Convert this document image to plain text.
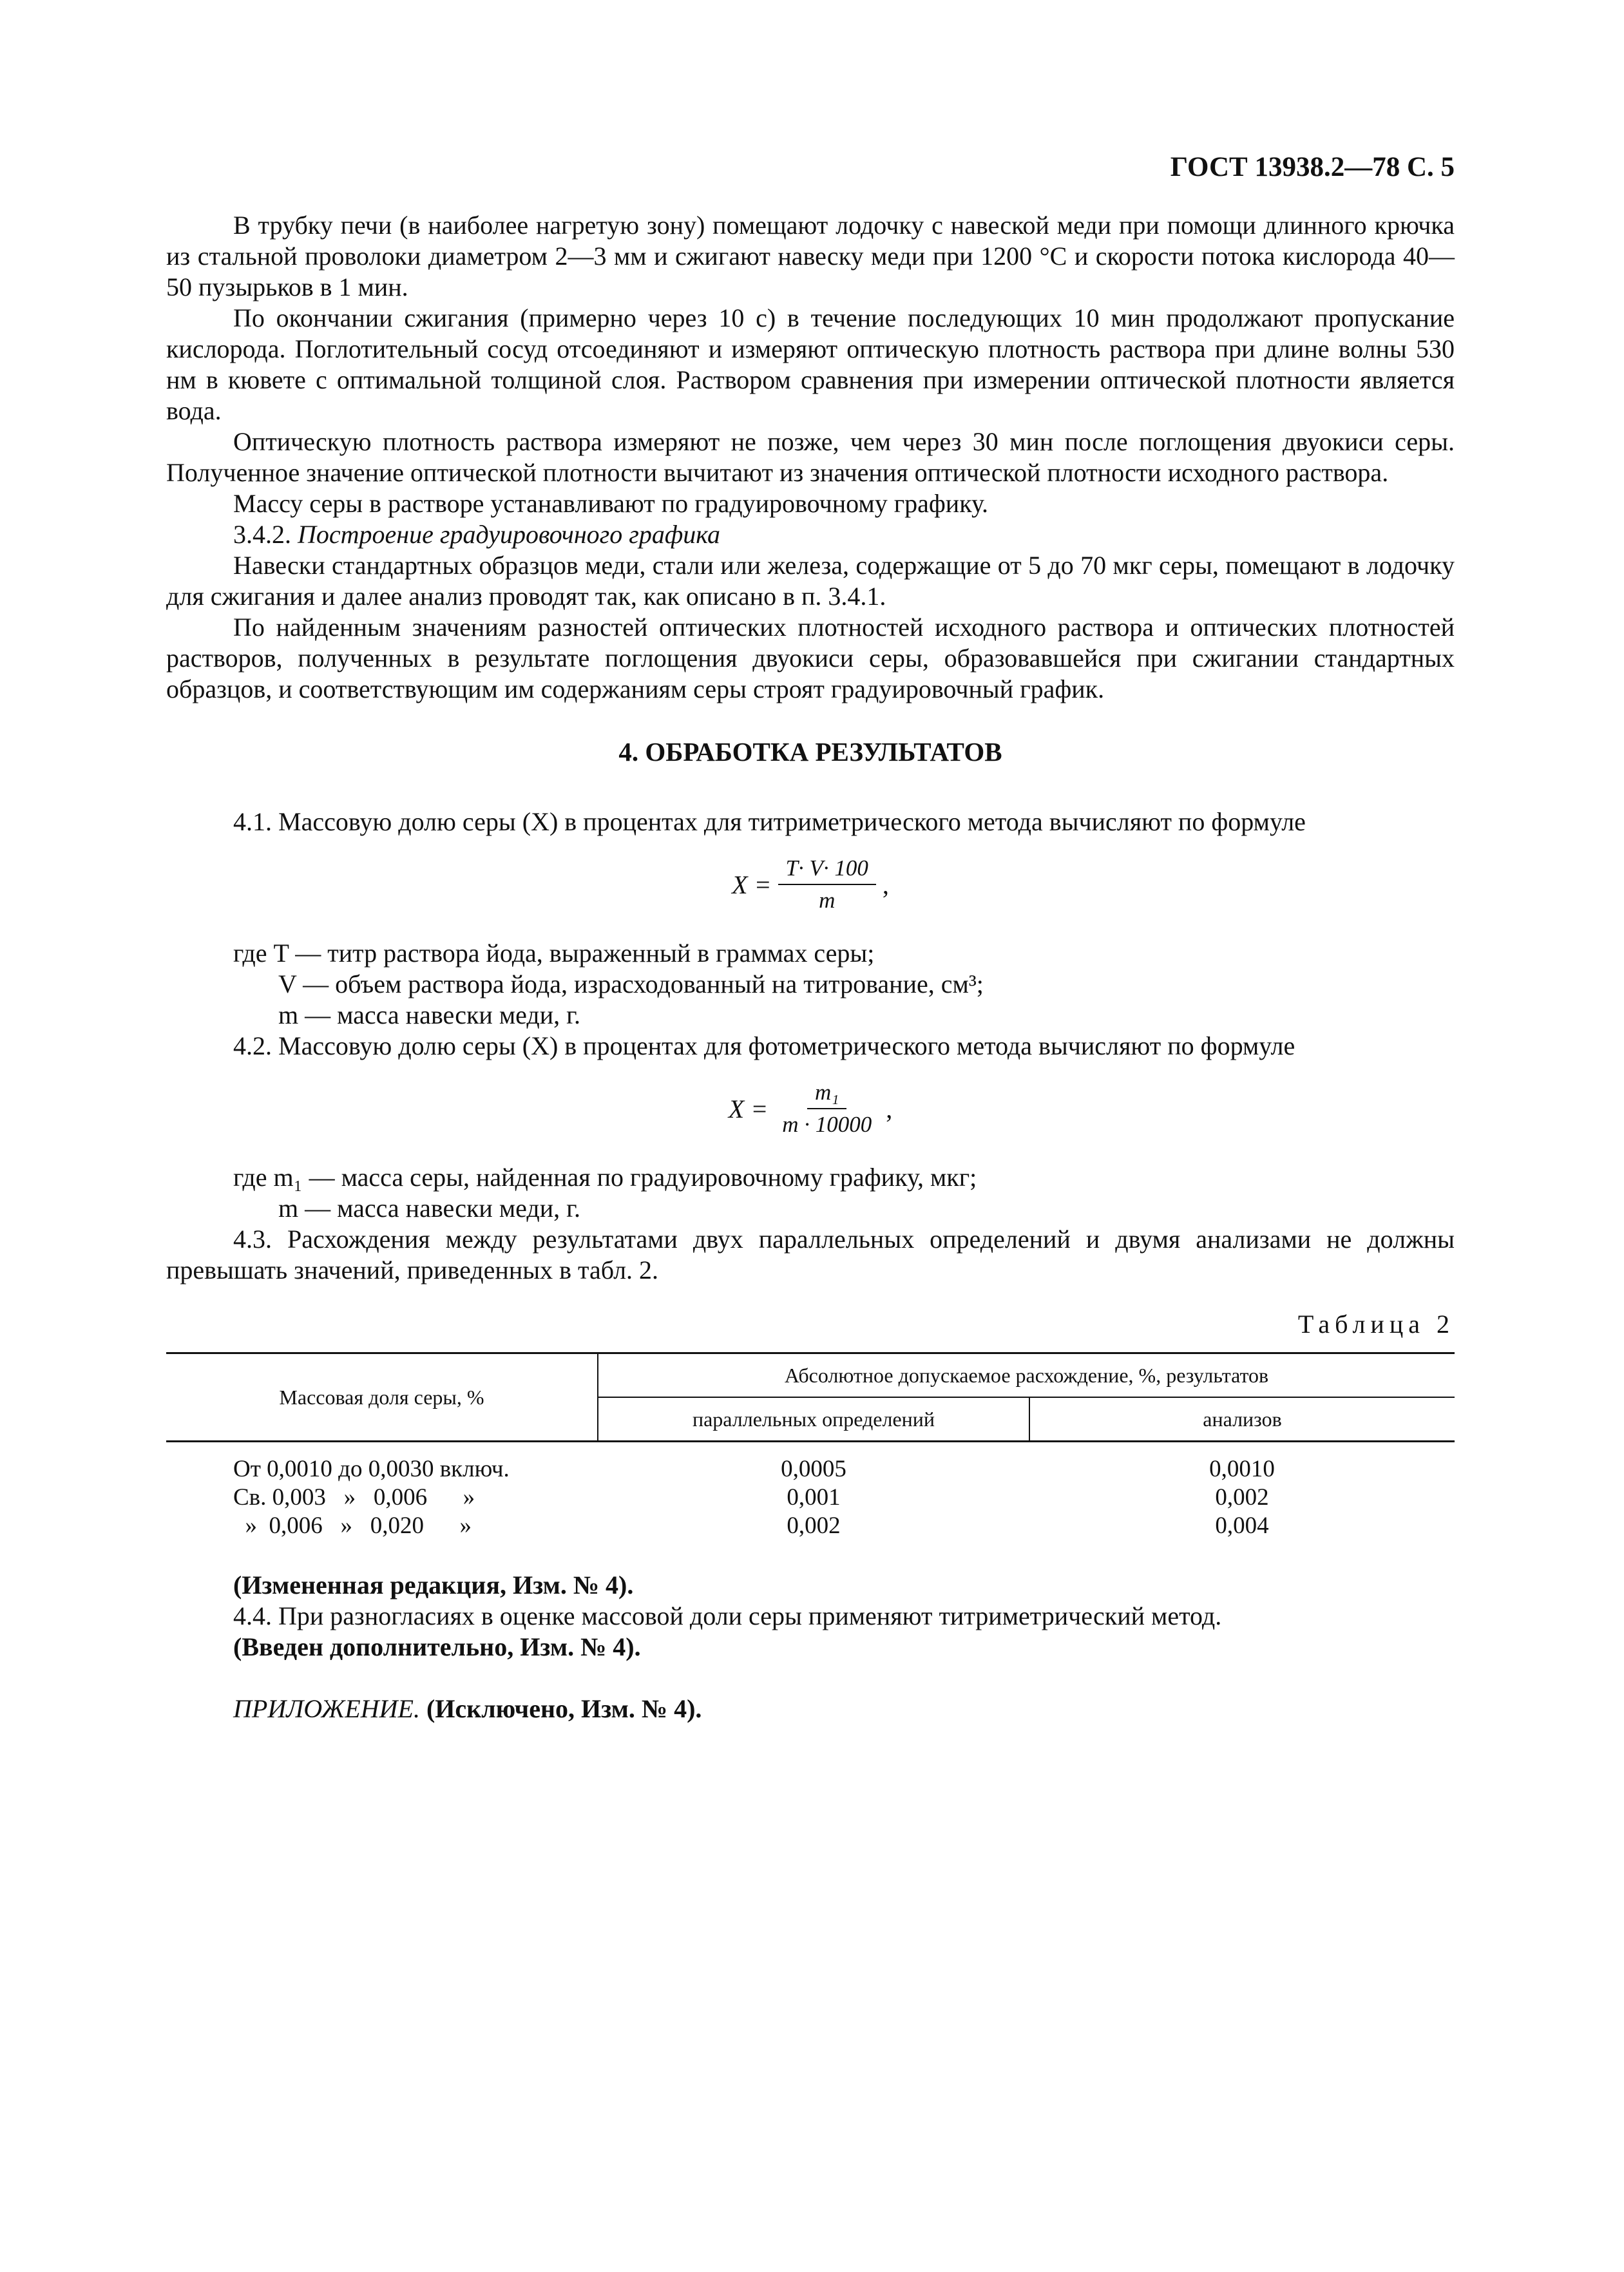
ГОСТ 13938.2—78 С. 5

В трубку печи (в наиболее нагретую зону) помещают лодочку с навеской меди при помощи длинного крючка из стальной проволоки диаметром 2—3 мм и сжигают навеску меди при 1200 °С и скорости потока кислорода 40—50 пузырьков в 1 мин.

По окончании сжигания (примерно через 10 с) в течение последующих 10 мин продолжают пропускание кислорода. Поглотительный сосуд отсоединяют и измеряют оптическую плотность раствора при длине волны 530 нм в кювете с оптимальной толщиной слоя. Раствором сравнения при измерении оптической плотности является вода.

Оптическую плотность раствора измеряют не позже, чем через 30 мин после поглощения двуокиси серы. Полученное значение оптической плотности вычитают из значения оптической плотности исходного раствора.

Массу серы в растворе устанавливают по градуировочному графику.

3.4.2. Построение градуировочного графика

Навески стандартных образцов меди, стали или железа, содержащие от 5 до 70 мкг серы, помещают в лодочку для сжигания и далее анализ проводят так, как описано в п. 3.4.1.

По найденным значениям разностей оптических плотностей исходного раствора и оптических плотностей растворов, полученных в результате поглощения двуокиси серы, образовавшейся при сжигании стандартных образцов, и соответствующим им содержаниям серы строят градуировочный график.

4. ОБРАБОТКА РЕЗУЛЬТАТОВ

4.1. Массовую долю серы (X) в процентах для титриметрического метода вычисляют по формуле

$X = \frac{T\cdot V\cdot 100}{m}$ ,

где T — титр раствора йода, выраженный в граммах серы;

V — объем раствора йода, израсходованный на титрование, см³;

m — масса навески меди, г.

4.2. Массовую долю серы (X) в процентах для фотометрического метода вычисляют по формуле

$X = \frac{\text{m₁}}{m \cdot 10000}$ ,

где m₁ — масса серы, найденная по градуировочному графику, мкг;

m — масса навески меди, г.

4.3. Расхождения между результатами двух параллельных определений и двумя анализами не должны превышать значений, приведенных в табл. 2.

Таблица 2
Массовая доля серы, %	Абсолютное допускаемое расхождение, %, результатов	
	параллельных определений	анализов
От 0,0010 до 0,0030 включ.	0,0005	0,0010
Св. 0,003   »   0,006      »	0,001	0,002
»  0,006   »   0,020      »	0,002	0,004

(Измененная редакция, Изм. № 4).

4.4. При разногласиях в оценке массовой доли серы применяют титриметрический метод.

(Введен дополнительно, Изм. № 4).

ПРИЛОЖЕНИЕ. (Исключено, Изм. № 4).
